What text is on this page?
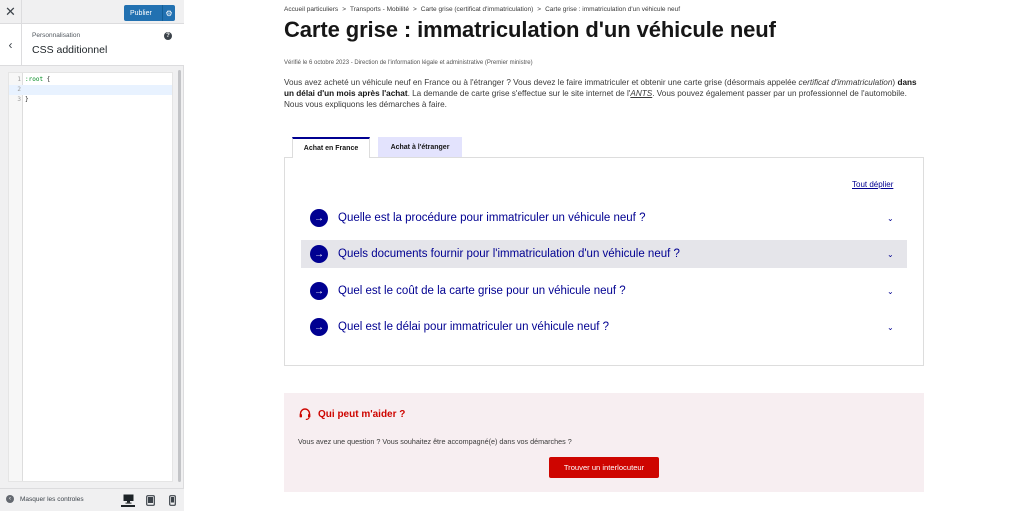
✕	Publier	⚙
‹
Personnalisation
CSS additionnel
?
1 :root {
2
3 }
‹	Masquer les controles
Accueil particuliers > Transports - Mobilité > Carte grise (certificat d'immatriculation) > Carte grise : immatriculation d'un véhicule neuf
Carte grise : immatriculation d'un véhicule neuf
Vérifié le 6 octobre 2023 - Direction de l'information légale et administrative (Premier ministre)

Vous avez acheté un véhicule neuf en France ou à l'étranger ? Vous devez le faire immatriculer et obtenir une carte grise (désormais appelée certificat d'immatriculation) dans un délai d'un mois après l'achat. La demande de carte grise s'effectue sur le site internet de l'ANTS. Vous pouvez également passer par un professionnel de l'automobile. Nous vous expliquons les démarches à faire.

Achat en France	Achat à l'étranger
Tout déplier
→	Quelle est la procédure pour immatriculer un véhicule neuf ?	⌄
→	Quels documents fournir pour l'immatriculation d'un véhicule neuf ?	⌄
→	Quel est le coût de la carte grise pour un véhicule neuf ?	⌄
→	Quel est le délai pour immatriculer un véhicule neuf ?	⌄
Qui peut m'aider ?
Vous avez une question ? Vous souhaitez être accompagné(e) dans vos démarches ?
Trouver un interlocuteur
